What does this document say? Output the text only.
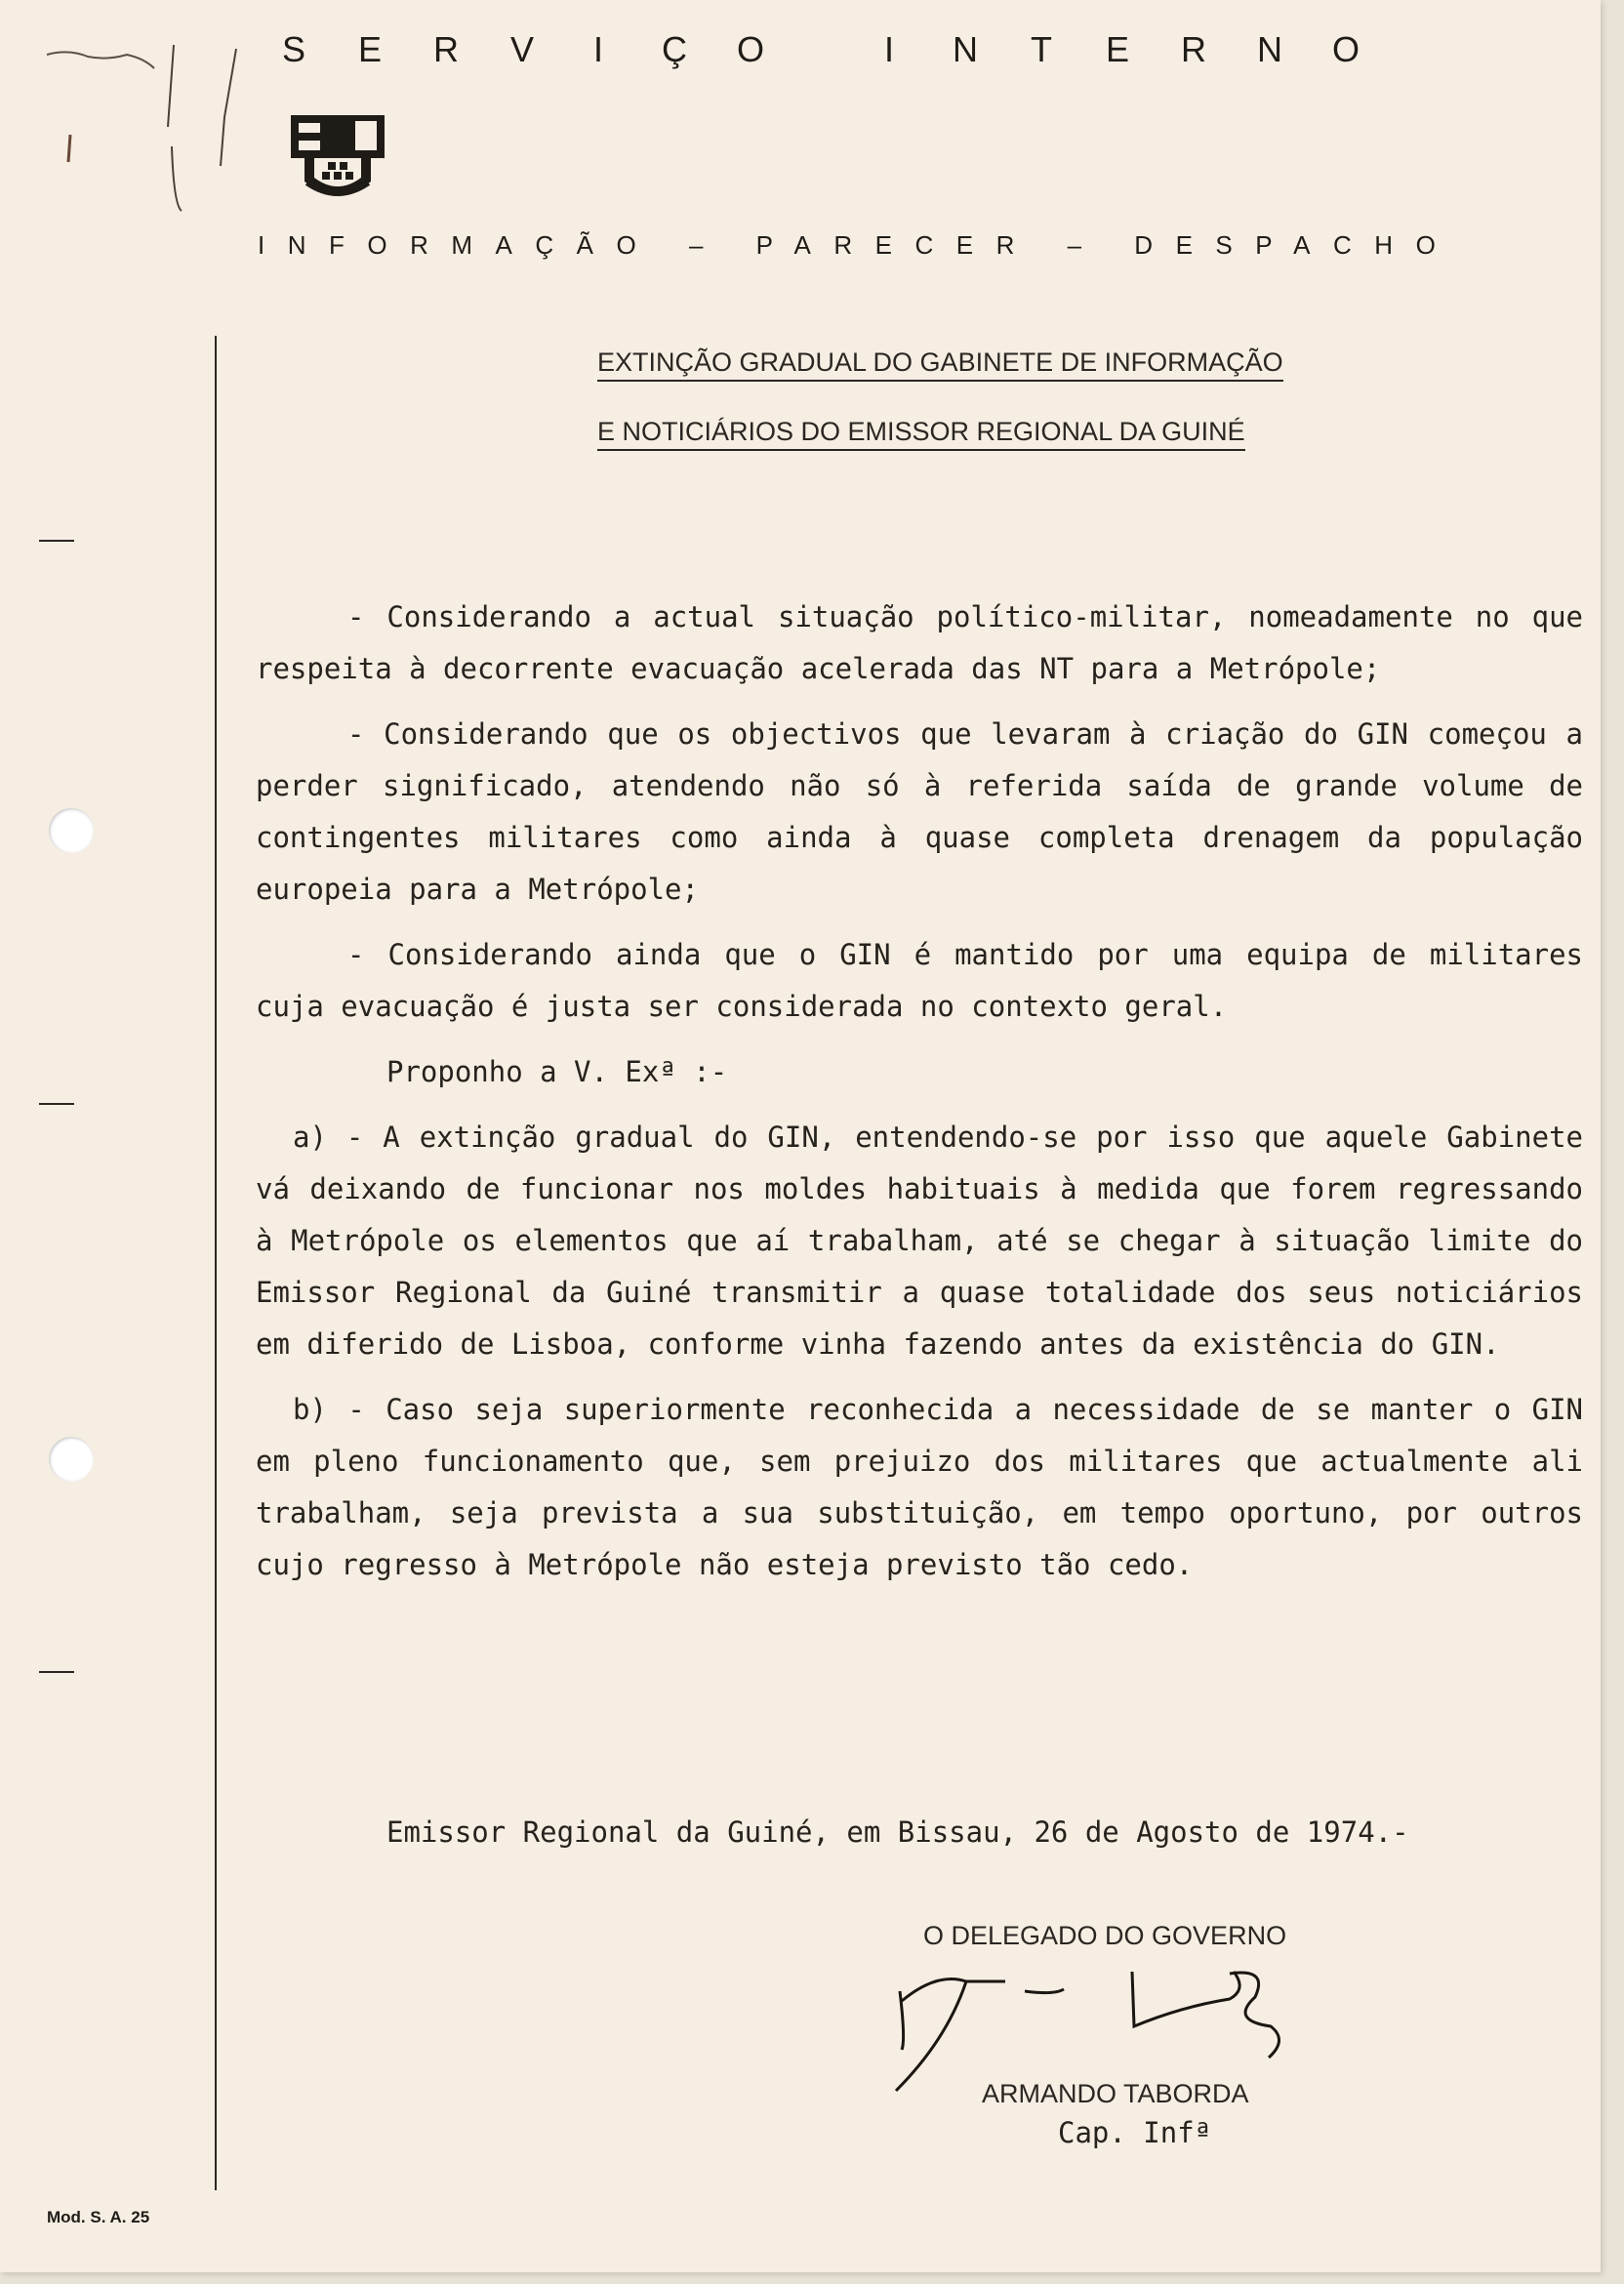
S E R V I Ç O	I N T E R N O
INFORMAÇÃO – PARECER – DESPACHO
EXTINÇÃO GRADUAL DO GABINETE DE INFORMAÇÃO
E NOTICIÁRIOS DO EMISSOR REGIONAL DA GUINÉ

- Considerando a actual situação político-militar, nomeadamente no que respeita à decorrente evacuação acelerada das NT para a Metrópole;

- Considerando que os objectivos que levaram à criação do GIN começou a perder significado, atendendo não só à referida saída de grande volume de contingentes militares como ainda à quase completa drenagem da população europeia para a Metrópole;

- Considerando ainda que o GIN é mantido por uma equipa de militares cuja evacuação é justa ser considerada no contexto geral.

Proponho a V. Exª :-

a) - A extinção gradual do GIN, entendendo-se por isso que aquele Gabinete vá deixando de funcionar nos moldes habituais à medida que forem regressando à Metrópole os elementos que aí trabalham, até se chegar à situação limite do Emissor Regional da Guiné transmitir a quase totalidade dos seus noticiários em diferido de Lisboa, conforme vinha fazendo antes da existência do GIN.

b) - Caso seja superiormente reconhecida a necessidade de se manter o GIN em pleno funcionamento que, sem prejuizo dos militares que actualmente ali trabalham, seja prevista a sua substituição, em tempo oportuno, por outros cujo regresso à Metrópole não esteja previsto tão cedo.

Emissor Regional da Guiné, em Bissau, 26 de Agosto de 1974.-
O DELEGADO DO GOVERNO
ARMANDO TABORDA
Cap. Infª
Mod. S. A. 25
